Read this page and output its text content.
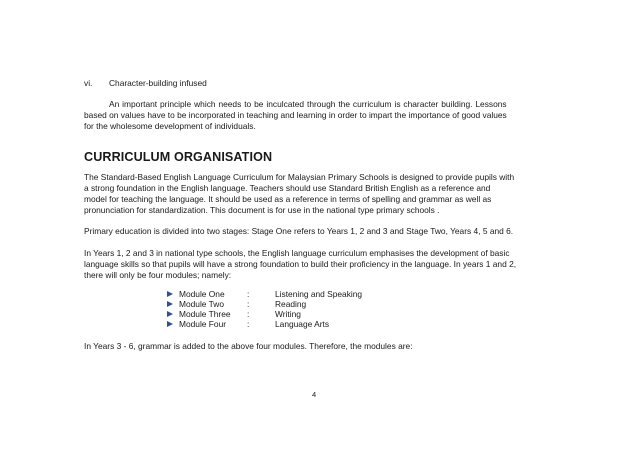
vi. Character-building infused
An important principle which needs to be inculcated through the curriculum is character building. Lessons
based on values have to be incorporated in teaching and learning in order to impart the importance of good values
for the wholesome development of individuals.
CURRICULUM ORGANISATION
The Standard-Based English Language Curriculum for Malaysian Primary Schools is designed to provide pupils with
a strong foundation in the English language. Teachers should use Standard British English as a reference and
model for teaching the language. It should be used as a reference in terms of spelling and grammar as well as
pronunciation for standardization. This document is for use in the national type primary schools .
Primary education is divided into two stages: Stage One refers to Years 1, 2 and 3 and Stage Two, Years 4, 5 and 6.
In Years 1, 2 and 3 in national type schools, the English language curriculum emphasises the development of basic
language skills so that pupils will have a strong foundation to build their proficiency in the language. In years 1 and 2,
there will only be four modules; namely:
Module One	:	Listening and Speaking
Module Two	:	Reading
Module Three :	Writing
Module Four :	Language Arts
In Years 3 - 6, grammar is added to the above four modules. Therefore, the modules are:
4
